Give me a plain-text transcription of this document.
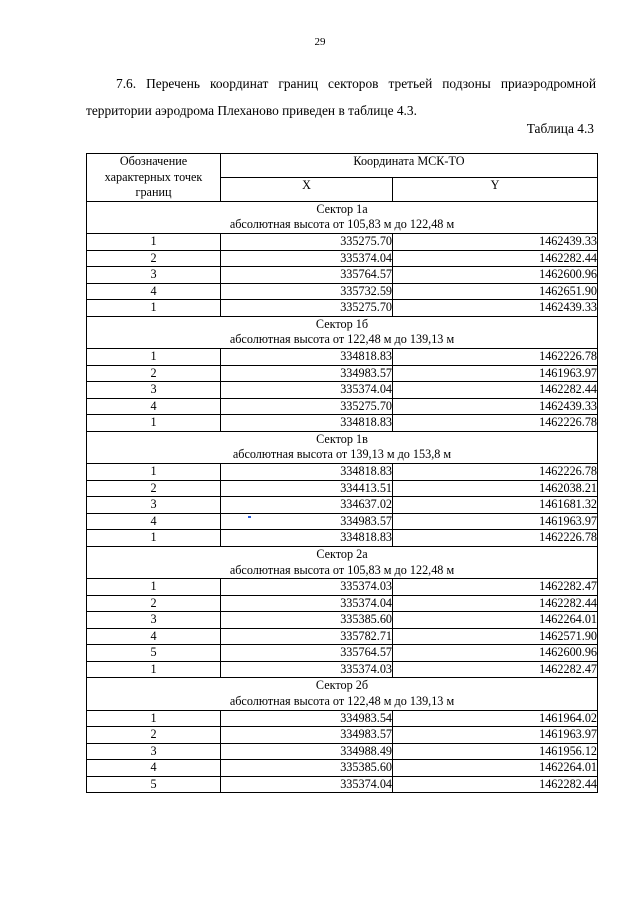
29
7.6. Перечень координат границ секторов третьей подзоны приаэродромной
территории аэродрома Плеханово приведен в таблице 4.3.
Таблица 4.3
Обозначение характерных точек границ	Координата МСК-ТО	
	X	Y

Сектор 1а
абсолютная высота от 105,83 м до 122,48 м		

1	335275.70	1462439.33
2	335374.04	1462282.44
3	335764.57	1462600.96
4	335732.59	1462651.90
1	335275.70	1462439.33

Сектор 1б
абсолютная высота от 122,48 м до 139,13 м		

1	334818.83	1462226.78
2	334983.57	1461963.97
3	335374.04	1462282.44
4	335275.70	1462439.33
1	334818.83	1462226.78

Сектор 1в
абсолютная высота от 139,13 м до 153,8 м		

1	334818.83	1462226.78
2	334413.51	1462038.21
3	334637.02	1461681.32
4	334983.57	1461963.97
1	334818.83	1462226.78

Сектор 2а
абсолютная высота от 105,83 м до 122,48 м		

1	335374.03	1462282.47
2	335374.04	1462282.44
3	335385.60	1462264.01
4	335782.71	1462571.90
5	335764.57	1462600.96
1	335374.03	1462282.47

Сектор 2б
абсолютная высота от 122,48 м до 139,13 м		

1	334983.54	1461964.02
2	334983.57	1461963.97
3	334988.49	1461956.12
4	335385.60	1462264.01
5	335374.04	1462282.44
